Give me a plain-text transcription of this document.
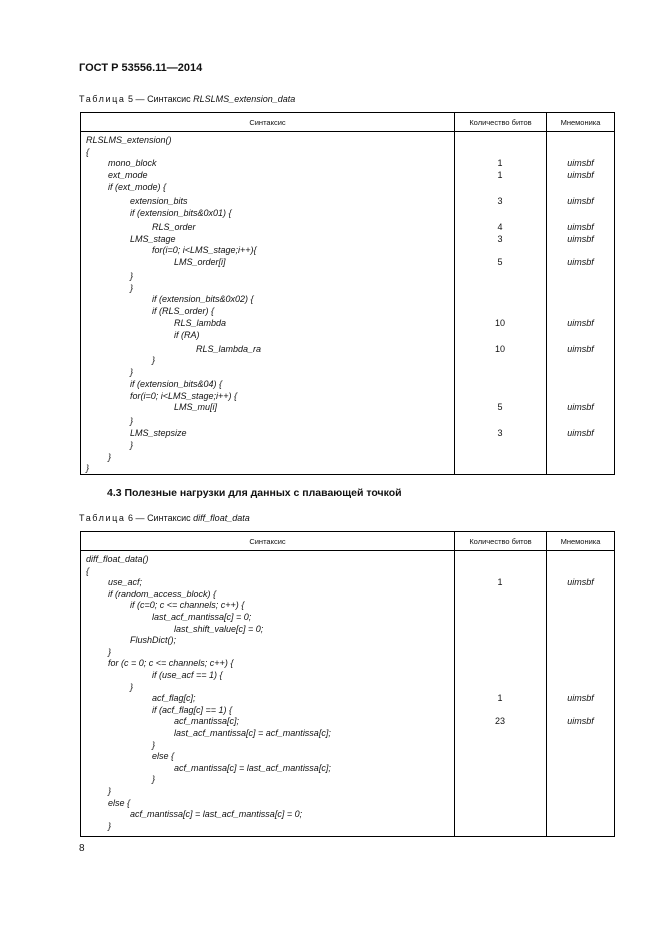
ГОСТ Р 53556.11—2014
Таблица 5 — Синтаксис RLSLMS_extension_data
Синтаксис	Количество битов	Мнемоника
RLSLMS_extension()
{
mono_block	1	uimsbf
ext_mode	1	uimsbf
if (ext_mode) {
extension_bits	3	uimsbf
if (extension_bits&0x01) {
RLS_order	4	uimsbf
LMS_stage	3	uimsbf
for(i=0; i<LMS_stage;i++){
LMS_order[i]	5	uimsbf
}
}
if (extension_bits&0x02) {
if (RLS_order) {
RLS_lambda	10	uimsbf
if (RA)
RLS_lambda_ra	10	uimsbf
}
}
if (extension_bits&04) {
for(i=0; i<LMS_stage;i++) {
LMS_mu[i]	5	uimsbf
}
LMS_stepsize	3	uimsbf
}
}
}
4.3 Полезные нагрузки для данных с плавающей точкой
Таблица 6 — Синтаксис diff_float_data
Синтаксис	Количество битов	Мнемоника
diff_float_data()
{
use_acf;	1	uimsbf
if (random_access_block) {
if (c=0; c <= channels; c++) {
last_acf_mantissa[c] = 0;
last_shift_value[c] = 0;
FlushDict();
}
for (c = 0; c <= channels; c++) {
if (use_acf == 1) {
}
acf_flag[c];	1	uimsbf
if (acf_flag[c] == 1) {
acf_mantissa[c];	23	uimsbf
last_acf_mantissa[c] = acf_mantissa[c];
}
else {
acf_mantissa[c] = last_acf_mantissa[c];
}
}
else {
acf_mantissa[c] = last_acf_mantissa[c] = 0;
}
8
